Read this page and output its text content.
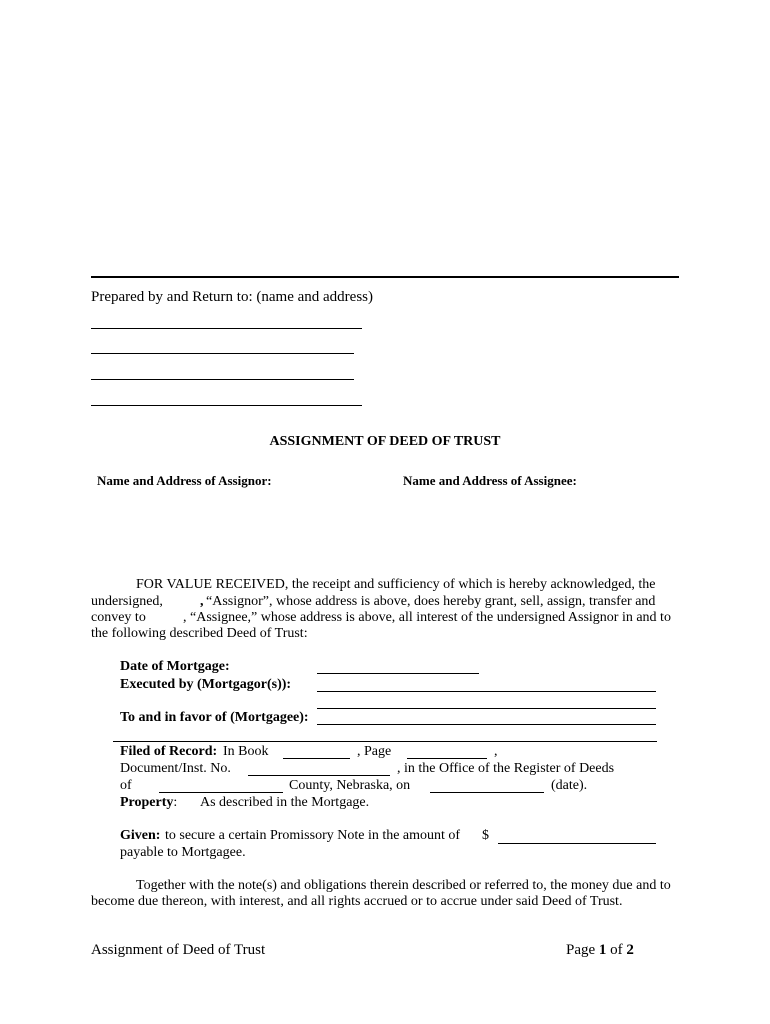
Prepared by and Return to: (name and address)
ASSIGNMENT OF DEED OF TRUST
Name and Address of Assignor:	Name and Address of Assignee:
FOR VALUE RECEIVED, the receipt and sufficiency of which is hereby acknowledged, the
undersigned,	, “Assignor”, whose address is above, does hereby grant, sell, assign, transfer and
convey to	, “Assignee,” whose address is above, all interest of the undersigned Assignor in and to
the following described Deed of Trust:
Date of Mortgage:
Executed by (Mortgagor(s)):
To and in favor of (Mortgagee):
Filed of Record: In Book	, Page	,
Document/Inst. No.	, in the Office of the Register of Deeds
of	County, Nebraska, on	(date).
Property: As described in the Mortgage.
Given: to secure a certain Promissory Note in the amount of $
payable to Mortgagee.
Together with the note(s) and obligations therein described or referred to, the money due and to
become due thereon, with interest, and all rights accrued or to accrue under said Deed of Trust.
Assignment of Deed of Trust	Page 1 of 2
